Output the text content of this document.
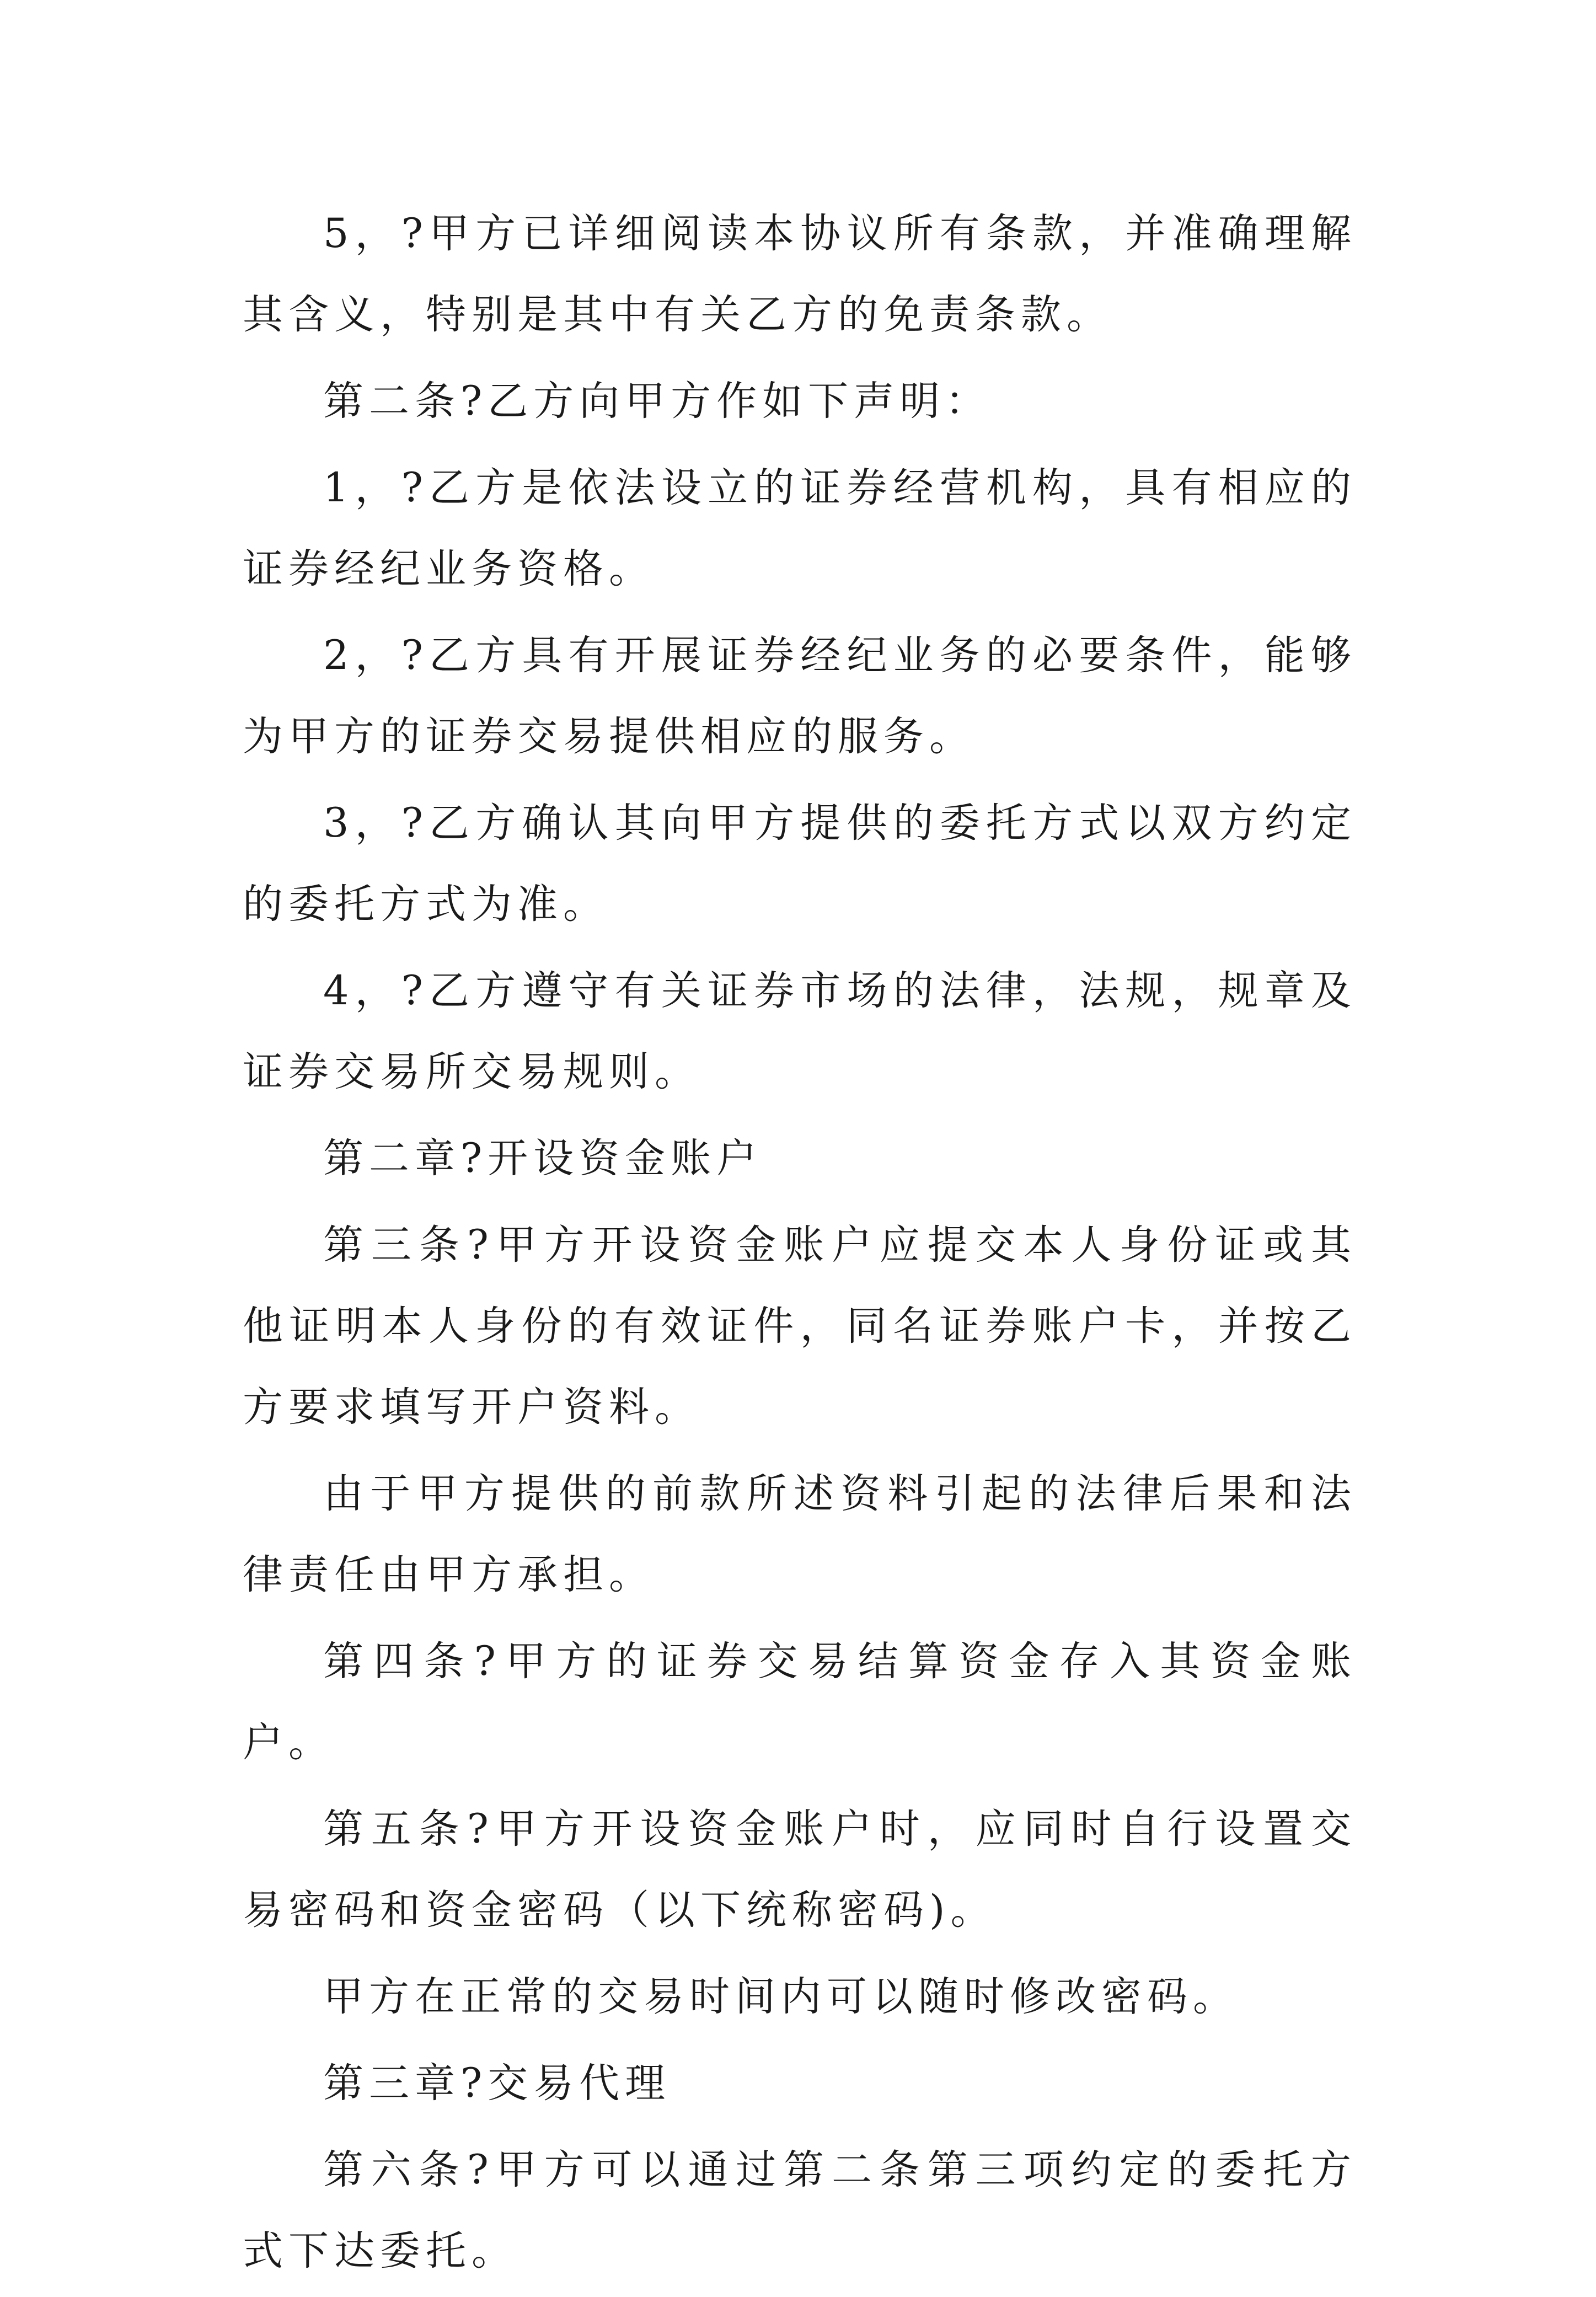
5，?甲方已详细阅读本协议所有条款，并准确理解其含义，特别是其中有关乙方的免责条款。

第二条?乙方向甲方作如下声明：

1，?乙方是依法设立的证券经营机构，具有相应的证券经纪业务资格。

2，?乙方具有开展证券经纪业务的必要条件，能够为甲方的证券交易提供相应的服务。

3，?乙方确认其向甲方提供的委托方式以双方约定的委托方式为准。

4，?乙方遵守有关证券市场的法律，法规，规章及证券交易所交易规则。

第二章?开设资金账户

第三条?甲方开设资金账户应提交本人身份证或其他证明本人身份的有效证件，同名证券账户卡，并按乙方要求填写开户资料。

由于甲方提供的前款所述资料引起的法律后果和法律责任由甲方承担。

第四条?甲方的证券交易结算资金存入其资金账户。

第五条?甲方开设资金账户时，应同时自行设置交易密码和资金密码（以下统称密码)。

甲方在正常的交易时间内可以随时修改密码。

第三章?交易代理

第六条?甲方可以通过第二条第三项约定的委托方式下达委托。
